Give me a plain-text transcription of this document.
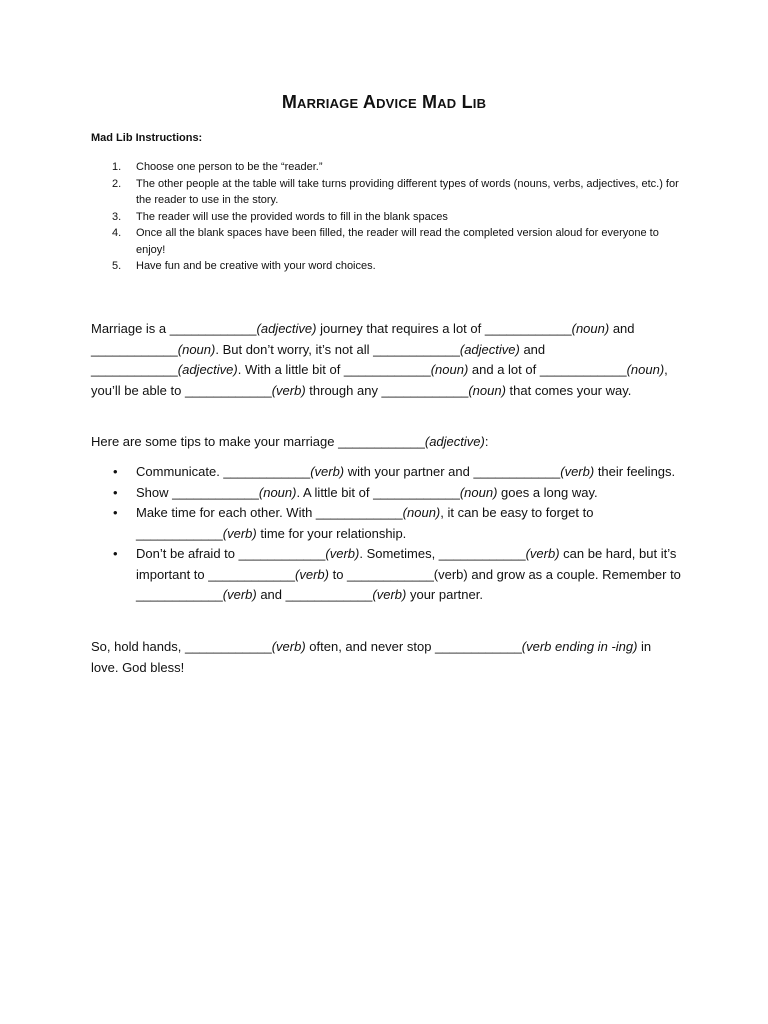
Marriage Advice Mad Lib
Mad Lib Instructions:
1. Choose one person to be the “reader.”
2. The other people at the table will take turns providing different types of words (nouns, verbs, adjectives, etc.) for the reader to use in the story.
3. The reader will use the provided words to fill in the blank spaces
4. Once all the blank spaces have been filled, the reader will read the completed version aloud for everyone to enjoy!
5. Have fun and be creative with your word choices.

Marriage is a ____________(adjective) journey that requires a lot of ____________(noun) and ____________(noun). But don’t worry, it’s not all ____________(adjective) and ____________(adjective). With a little bit of ____________(noun) and a lot of ____________(noun), you’ll be able to ____________(verb) through any ____________(noun) that comes your way.

Here are some tips to make your marriage ____________(adjective):

• Communicate. ____________(verb) with your partner and ____________(verb) their feelings.
• Show ____________(noun). A little bit of ____________(noun) goes a long way.
• Make time for each other. With ____________(noun), it can be easy to forget to ____________(verb) time for your relationship.
• Don’t be afraid to ____________(verb). Sometimes, ____________(verb) can be hard, but it’s important to ____________(verb) to ____________(verb) and grow as a couple. Remember to ____________(verb) and ____________(verb) your partner.

So, hold hands, ____________(verb) often, and never stop ____________(verb ending in -ing) in love. God bless!
